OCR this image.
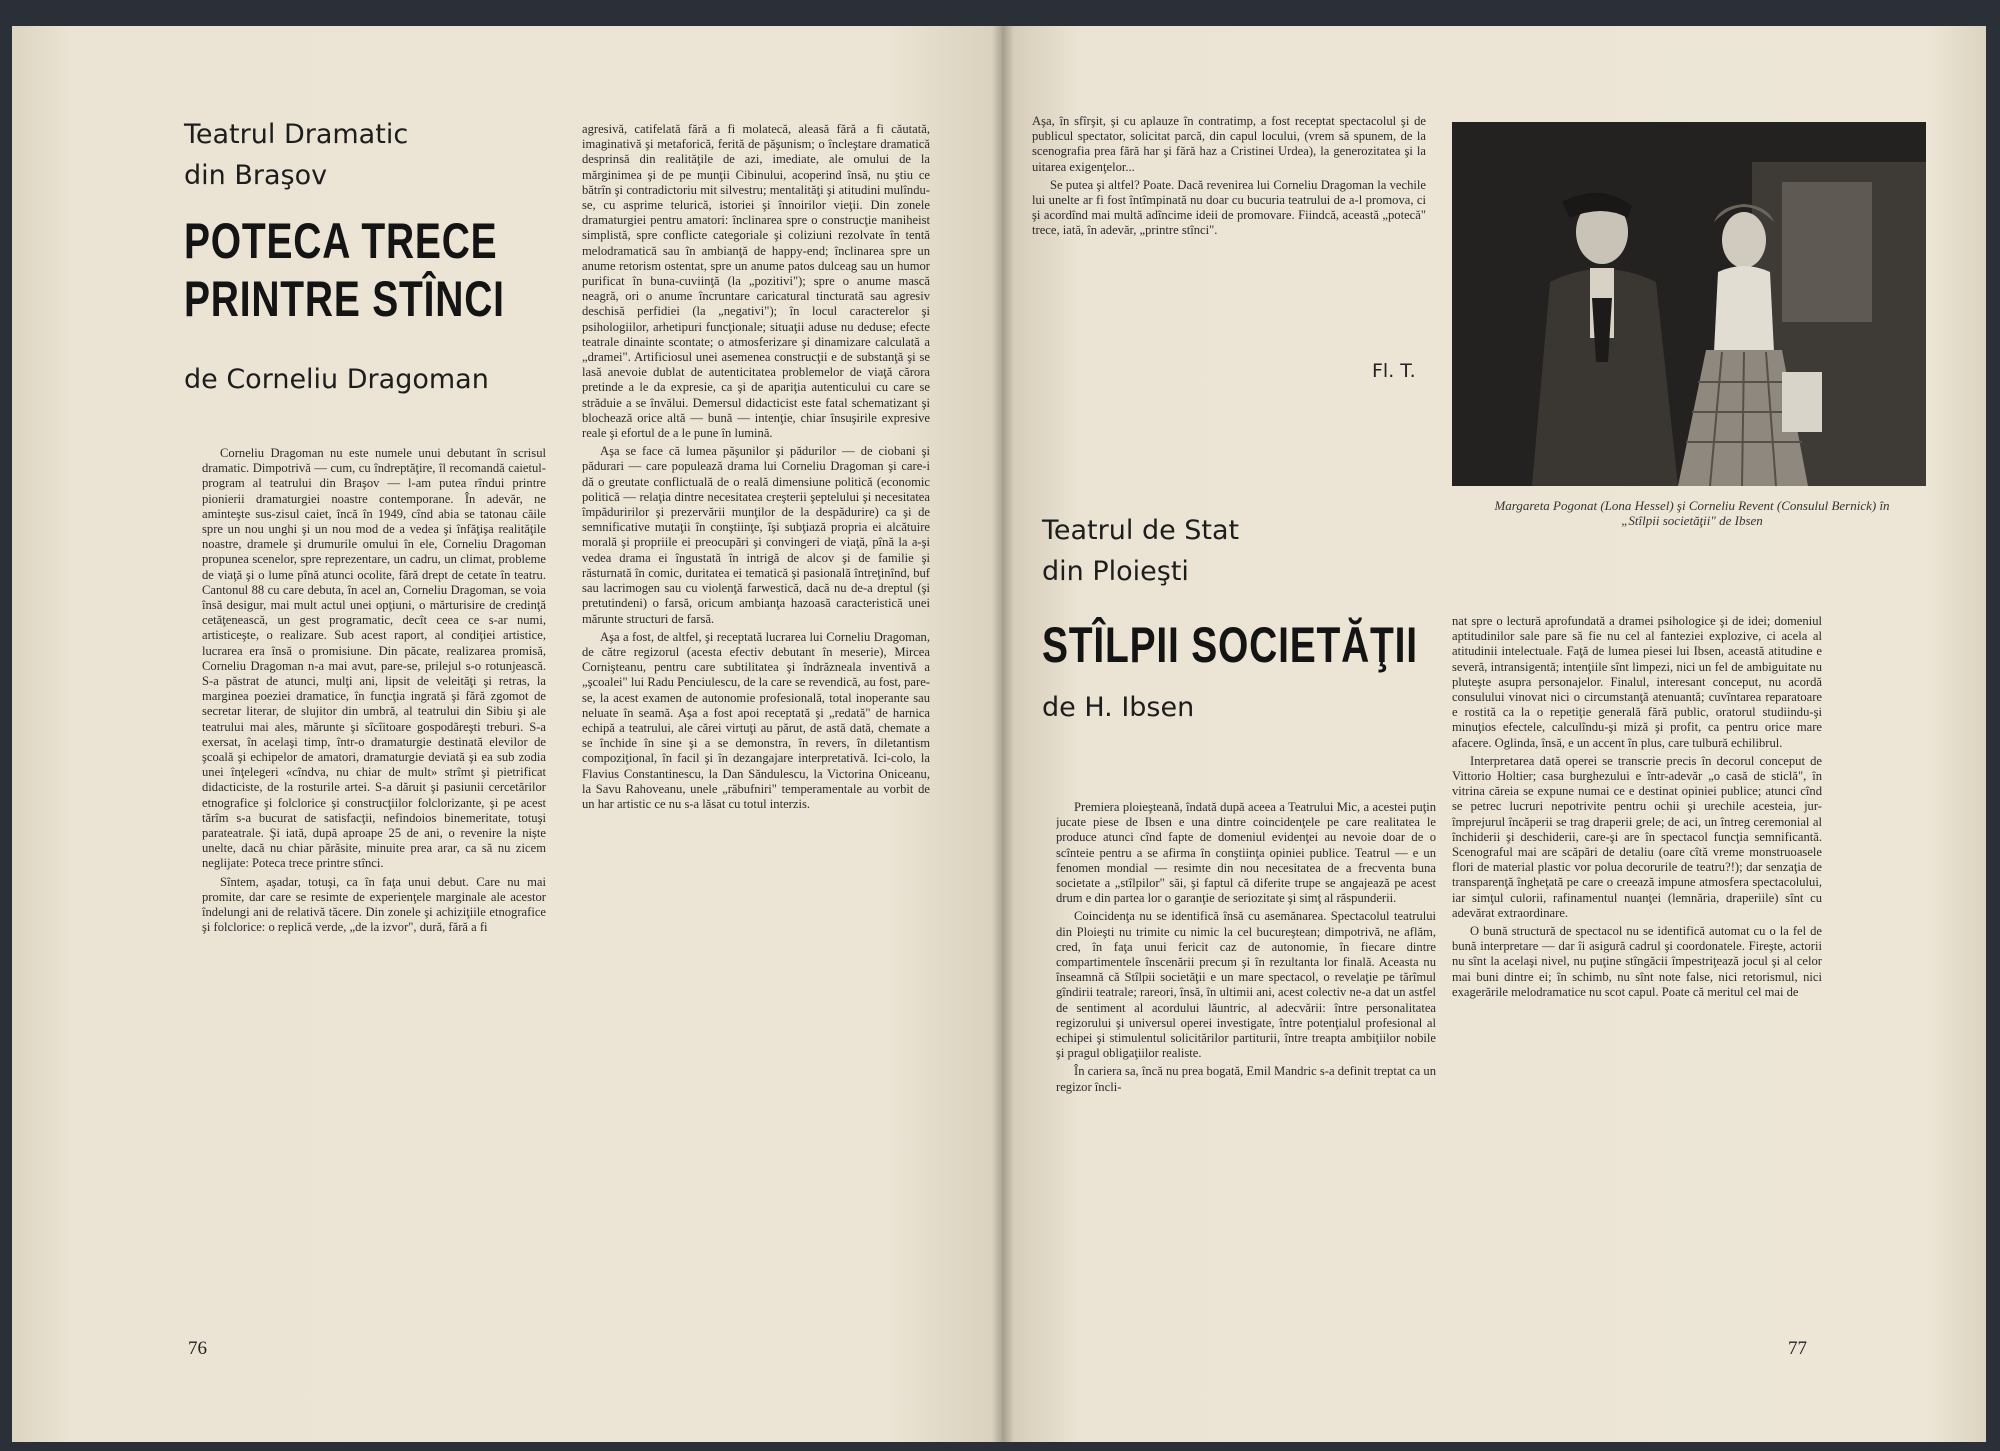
Teatrul Dramatic
din Braşov
POTECA TRECE
PRINTRE STÎNCI
de Corneliu Dragoman

Corneliu Dragoman nu este numele unui debutant în scrisul dramatic. Dimpotrivă — cum, cu îndreptăţire, îl recomandă caietul-program al teatrului din Braşov — l-am putea rîndui printre pionierii dramaturgiei noastre contemporane. În adevăr, ne aminteşte sus-zisul caiet, încă în 1949, cînd abia se tatonau căile spre un nou unghi şi un nou mod de a vedea şi înfăţişa realităţile noastre, dramele şi drumurile omului în ele, Corneliu Dragoman propunea scenelor, spre reprezentare, un cadru, un climat, probleme de viaţă şi o lume pînă atunci ocolite, fără drept de cetate în teatru. Cantonul 88 cu care debuta, în acel an, Corneliu Dragoman, se voia însă desigur, mai mult actul unei opţiuni, o mărturisire de credinţă cetăţenească, un gest programatic, decît ceea ce s-ar numi, artisticeşte, o realizare. Sub acest raport, al condiţiei artistice, lucrarea era însă o promisiune. Din păcate, realizarea promisă, Corneliu Dragoman n-a mai avut, pare-se, prilejul s-o rotunjească. S-a păstrat de atunci, mulţi ani, lipsit de veleităţi şi retras, la marginea poeziei dramatice, în funcţia ingrată şi fără zgomot de secretar literar, de slujitor din umbră, al teatrului din Sibiu şi ale teatrului mai ales, mărunte şi sîcîitoare gospodăreşti treburi. S-a exersat, în acelaşi timp, într-o dramaturgie destinată elevilor de şcoală şi echipelor de amatori, dramaturgie deviată şi ea sub zodia unei înţelegeri «cîndva, nu chiar de mult» strîmt şi pietrificat didacticiste, de la rosturile artei. S-a dăruit şi pasiunii cercetărilor etnografice şi folclorice şi construcţiilor folclorizante, şi pe acest tărîm s-a bucurat de satisfacţii, nefindoios binemeritate, totuşi parateatrale. Şi iată, după aproape 25 de ani, o revenire la niște unelte, dacă nu chiar părăsite, minuite prea arar, ca să nu zicem neglijate: Poteca trece printre stînci.

Sîntem, aşadar, totuşi, ca în faţa unui debut. Care nu mai promite, dar care se resimte de experienţele marginale ale acestor îndelungi ani de relativă tăcere. Din zonele şi achiziţiile etnografice şi folclorice: o replică verde, „de la izvor", dură, fără a fi

agresivă, catifelată fără a fi molatecă, aleasă fără a fi căutată, imaginativă şi metaforică, ferită de păşunism; o încleştare dramatică desprinsă din realităţile de azi, imediate, ale omului de la mărginimea şi de pe munţii Cibinului, acoperind însă, nu ştiu ce bătrîn şi contradictoriu mit silvestru; mentalităţi şi atitudini mulîndu-se, cu asprime telurică, istoriei şi înnoirilor vieţii. Din zonele dramaturgiei pentru amatori: înclinarea spre o construcţie maniheist simplistă, spre conflicte categoriale şi coliziuni rezolvate în tentă melodramatică sau în ambianţă de happy-end; înclinarea spre un anume retorism ostentat, spre un anume patos dulceag sau un humor purificat în buna-cuviinţă (la „pozitivi"); spre o anume mască neagră, ori o anume încruntare caricatural tincturată sau agresiv deschisă perfidiei (la „negativi"); în locul caracterelor şi psihologiilor, arhetipuri funcţionale; situaţii aduse nu deduse; efecte teatrale dinainte scontate; o atmosferizare şi dinamizare calculată a „dramei". Artificiosul unei asemenea construcţii e de substanţă şi se lasă anevoie dublat de autenticitatea problemelor de viaţă cărora pretinde a le da expresie, ca şi de apariţia autenticului cu care se străduie a se învălui. Demersul didacticist este fatal schematizant şi blochează orice altă — bună — intenţie, chiar însuşirile expresive reale şi efortul de a le pune în lumină.

Aşa se face că lumea păşunilor şi pădurilor — de ciobani şi pădurari — care populează drama lui Corneliu Dragoman şi care-i dă o greutate conflictuală de o reală dimensiune politică (economic politică — relaţia dintre necesitatea creşterii şeptelului şi necesitatea împăduririlor şi prezervării munţilor de la despădurire) ca şi de semnificative mutaţii în conştiinţe, îşi subţiază propria ei alcătuire morală şi propriile ei preocupări şi convingeri de viaţă, pînă la a-şi vedea drama ei îngustată în intrigă de alcov şi de familie şi răsturnată în comic, duritatea ei tematică şi pasională întreţinînd, buf sau lacrimogen sau cu violenţă farwestică, dacă nu de-a dreptul (şi pretutindeni) o farsă, oricum ambianţa hazoasă caracteristică unei mărunte structuri de farsă.

Aşa a fost, de altfel, şi receptată lucrarea lui Corneliu Dragoman, de către regizorul (acesta efectiv debutant în meserie), Mircea Cornişteanu, pentru care subtilitatea şi îndrăzneala inventivă a „şcoalei" lui Radu Penciulescu, de la care se revendică, au fost, pare-se, la acest examen de autonomie profesională, total inoperante sau neluate în seamă. Aşa a fost apoi receptată şi „redată" de harnica echipă a teatrului, ale cărei virtuţi au părut, de astă dată, chemate a se închide în sine şi a se demonstra, în revers, în diletantism compoziţional, în facil şi în dezangajare interpretativă. Ici-colo, la Flavius Constantinescu, la Dan Săndulescu, la Victorina Oniceanu, la Savu Rahoveanu, unele „răbufniri" temperamentale au vorbit de un har artistic ce nu s-a lăsat cu totul interzis.

76

Aşa, în sfîrşit, şi cu aplauze în contratimp, a fost receptat spectacolul şi de publicul spectator, solicitat parcă, din capul locului, (vrem să spunem, de la scenografia prea fără har şi fără haz a Cristinei Urdea), la generozitatea şi la uitarea exigenţelor...

Se putea şi altfel? Poate. Dacă revenirea lui Corneliu Dragoman la vechile lui unelte ar fi fost întîmpinată nu doar cu bucuria teatrului de a-l promova, ci şi acordînd mai multă adîncime ideii de promovare. Fiindcă, această „potecă" trece, iată, în adevăr, „printre stînci".

Fl. T.
Margareta Pogonat (Lona Hessel) şi Corneliu Revent (Consulul Bernick) în „Stîlpii societăţii" de Ibsen
Teatrul de Stat
din Ploieşti
STÎLPII SOCIETĂŢII
de H. Ibsen

Premiera ploieşteană, îndată după aceea a Teatrului Mic, a acestei puţin jucate piese de Ibsen e una dintre coincidenţele pe care realitatea le produce atunci cînd fapte de domeniul evidenţei au nevoie doar de o scînteie pentru a se afirma în conştiinţa opiniei publice. Teatrul — e un fenomen mondial — resimte din nou necesitatea de a frecventa buna societate a „stîlpilor" săi, şi faptul că diferite trupe se angajează pe acest drum e din partea lor o garanţie de seriozitate şi simţ al răspunderii.

Coincidenţa nu se identifică însă cu asemănarea. Spectacolul teatrului din Ploieşti nu trimite cu nimic la cel bucureştean; dimpotrivă, ne aflăm, cred, în faţa unui fericit caz de autonomie, în fiecare dintre compartimentele înscenării precum şi în rezultanta lor finală. Aceasta nu înseamnă că Stîlpii societăţii e un mare spectacol, o revelaţie pe tărîmul gîndirii teatrale; rareori, însă, în ultimii ani, acest colectiv ne-a dat un astfel de sentiment al acordului lăuntric, al adecvării: între personalitatea regizorului şi universul operei investigate, între potenţialul profesional al echipei şi stimulentul solicitărilor partiturii, între treapta ambiţiilor nobile şi pragul obligaţiilor realiste.

În cariera sa, încă nu prea bogată, Emil Mandric s-a definit treptat ca un regizor încli-

nat spre o lectură aprofundată a dramei psihologice şi de idei; domeniul aptitudinilor sale pare să fie nu cel al fanteziei explozive, ci acela al atitudinii intelectuale. Faţă de lumea piesei lui Ibsen, această atitudine e severă, intransigentă; intenţiile sînt limpezi, nici un fel de ambiguitate nu pluteşte asupra personajelor. Finalul, interesant conceput, nu acordă consulului vinovat nici o circumstanţă atenuantă; cuvîntarea reparatoare e rostită ca la o repetiţie generală fără public, oratorul studiindu-şi minuţios efectele, calculîndu-şi miză şi profit, ca pentru orice mare afacere. Oglinda, însă, e un accent în plus, care tulbură echilibrul.

Interpretarea dată operei se transcrie precis în decorul conceput de Vittorio Holtier; casa burghezului e într-adevăr „o casă de sticlă", în vitrina căreia se expune numai ce e destinat opiniei publice; atunci cînd se petrec lucruri nepotrivite pentru ochii şi urechile acesteia, jur-împrejurul încăperii se trag draperii grele; de aci, un întreg ceremonial al închiderii şi deschiderii, care-şi are în spectacol funcţia semnificantă. Scenograful mai are scăpări de detaliu (oare cîtă vreme monstruoasele flori de material plastic vor polua decorurile de teatru?!); dar senzaţia de transparenţă îngheţată pe care o creează impune atmosfera spectacolului, iar simţul culorii, rafinamentul nuanţei (lemnăria, draperiile) sînt cu adevărat extraordinare.

O bună structură de spectacol nu se identifică automat cu o la fel de bună interpretare — dar îi asigură cadrul şi coordonatele. Fireşte, actorii nu sînt la acelaşi nivel, nu puţine stîngăcii împestriţează jocul şi al celor mai buni dintre ei; în schimb, nu sînt note false, nici retorismul, nici exagerările melodramatice nu scot capul. Poate că meritul cel mai de

77
